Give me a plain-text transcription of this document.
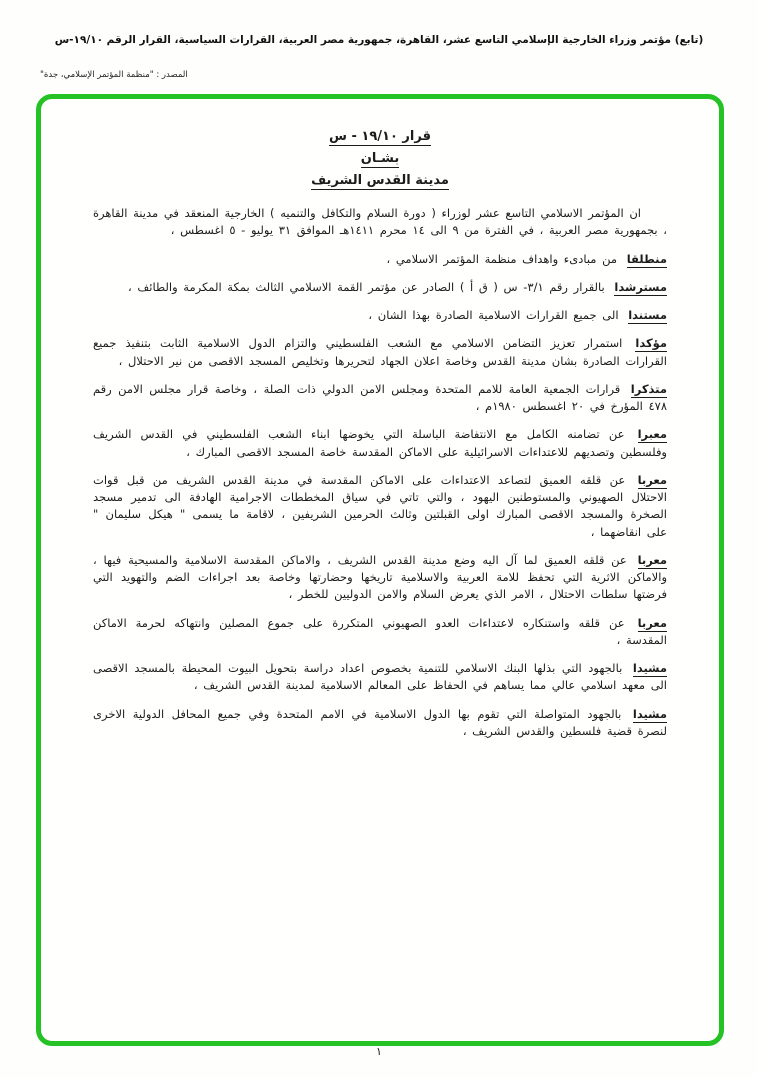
(تابع) مؤتمر وزراء الخارجية الإسلامي التاسع عشر، القاهرة، جمهورية مصر العربية، القرارات السياسية، القرار الرقم ١٩/١٠-س
المصدر : "منظمة المؤتمر الإسلامي، جدة"
قرار ١٩/١٠ - س
بشـان
مدينة القدس الشريف

ان المؤتمر الاسلامي التاسع عشر لوزراء ( دورة السلام والتكافل والتنميه ) الخارجية المنعقد في مدينة القاهرة ، بجمهورية مصر العربية ، في الفترة من ٩ الى ١٤ محرم ١٤١١هـ الموافق ٣١ يوليو - ٥ اغسطس ،

منطلقا من مبادىء واهداف منظمة المؤتمر الاسلامي ،

مسترشدا بالقرار رقم ٣/١- س ( ق أ ) الصادر عن مؤتمر القمة الاسلامي الثالث بمكة المكرمة والطائف ،

مستندا الى جميع القرارات الاسلامية الصادرة بهذا الشان ،

مؤكدا استمرار تعزيز التضامن الاسلامي مع الشعب الفلسطيني والتزام الدول الاسلامية الثابت بتنفيذ جميع القرارات الصادرة بشان مدينة القدس وخاصة اعلان الجهاد لتحريرها وتخليص المسجد الاقصى من نير الاحتلال ،

متذكرا قرارات الجمعية العامة للامم المتحدة ومجلس الامن الدولي ذات الصلة ، وخاصة قرار مجلس الامن رقم ٤٧٨ المؤرخ في ٢٠ اغسطس ١٩٨٠م ،

معبرا عن تضامنه الكامل مع الانتفاضة الباسلة التي يخوضها ابناء الشعب الفلسطيني في القدس الشريف وفلسطين وتصديهم للاعتداءات الاسرائيلية على الاماكن المقدسة خاصة المسجد الاقصى المبارك ،

معربا عن قلقه العميق لتصاعد الاعتداءات على الاماكن المقدسة في مدينة القدس الشريف من قبل قوات الاحتلال الصهيوني والمستوطنين اليهود ، والتي تاتي في سياق المخططات الاجرامية الهادفة الى تدمير مسجد الصخرة والمسجد الاقصى المبارك اولى القبلتين وثالث الحرمين الشريفين ، لاقامة ما يسمى " هيكل سليمان " على انقاضهما ،

معربا عن قلقه العميق لما آل اليه وضع مدينة القدس الشريف ، والاماكن المقدسة الاسلامية والمسيحية فيها ، والاماكن الاثرية التي تحفظ للامة العربية والاسلامية تاريخها وحضارتها وخاصة بعد اجراءات الضم والتهويد التي فرضتها سلطات الاحتلال ، الامر الذي يعرض السلام والامن الدوليين للخطر ،

معربا عن قلقه واستنكاره لاعتداءات العدو الصهيوني المتكررة على جموع المصلين وانتهاكه لحرمة الاماكن المقدسة ،

مشيدا بالجهود التي بذلها البنك الاسلامي للتنمية بخصوص اعداد دراسة بتحويل البيوت المحيطة بالمسجد الاقصى الى معهد اسلامي عالي مما يساهم في الحفاظ على المعالم الاسلامية لمدينة القدس الشريف ،

مشيدا بالجهود المتواصلة التي تقوم بها الدول الاسلامية في الامم المتحدة وفي جميع المحافل الدولية الاخرى لنصرة قضية فلسطين والقدس الشريف ،

١
